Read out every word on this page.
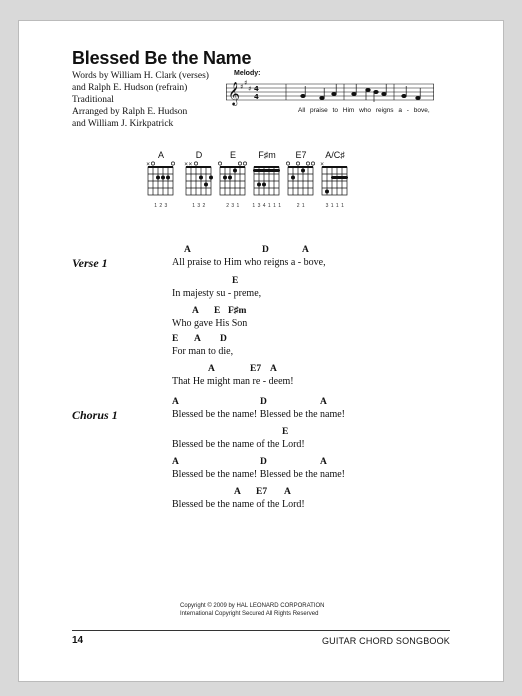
Blessed Be the Name
Words by William H. Clark (verses)
and Ralph E. Hudson (refrain)
Traditional
Arranged by Ralph E. Hudson
and William J. Kirkpatrick
Melody:
𝄞 ♯ ♯
♯ 4
4
All praise to Him who reigns a - bove,
A
×
1 2 3
D
××
1 3 2
E
2 3 1
F♯m
1 3 4 1 1 1
E7
2 1
A/C♯
×
3 1 1 1
Verse 1
A	D	A
All praise to Him who reigns a - bove,
E
In majesty su - preme,
A E F♯m
Who gave His Son
E A D
For man to die,
A	E7 A
That He might man re - deem!
Chorus 1
A	D	A
Blessed be the name! Blessed be the name!
E
Blessed be the name of the Lord!
A	D	A
Blessed be the name! Blessed be the name!
A E7 A
Blessed be the name of the Lord!
Copyright © 2009 by HAL LEONARD CORPORATION
International Copyright Secured All Rights Reserved
14	GUITAR CHORD SONGBOOK
